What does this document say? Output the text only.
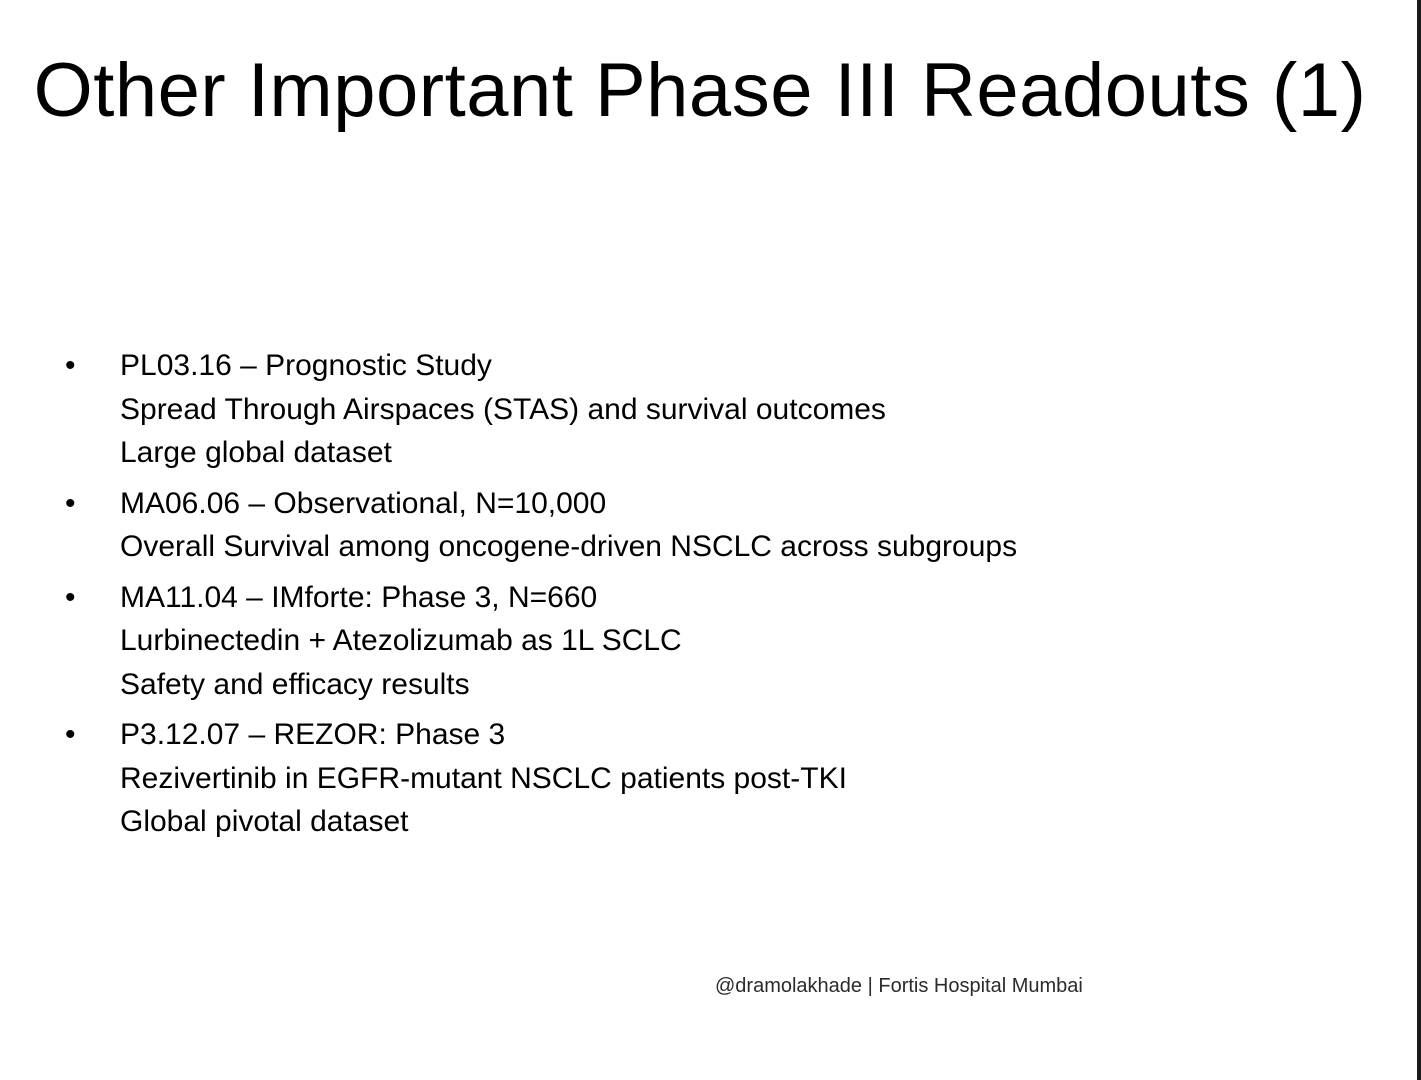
Other Important Phase III Readouts (1)
• PL03.16 – Prognostic Study
Spread Through Airspaces (STAS) and survival outcomes
Large global dataset
• MA06.06 – Observational, N=10,000
Overall Survival among oncogene-driven NSCLC across subgroups
• MA11.04 – IMforte: Phase 3, N=660
Lurbinectedin + Atezolizumab as 1L SCLC
Safety and efficacy results
• P3.12.07 – REZOR: Phase 3
Rezivertinib in EGFR-mutant NSCLC patients post-TKI
Global pivotal dataset
@dramolakhade | Fortis Hospital Mumbai
